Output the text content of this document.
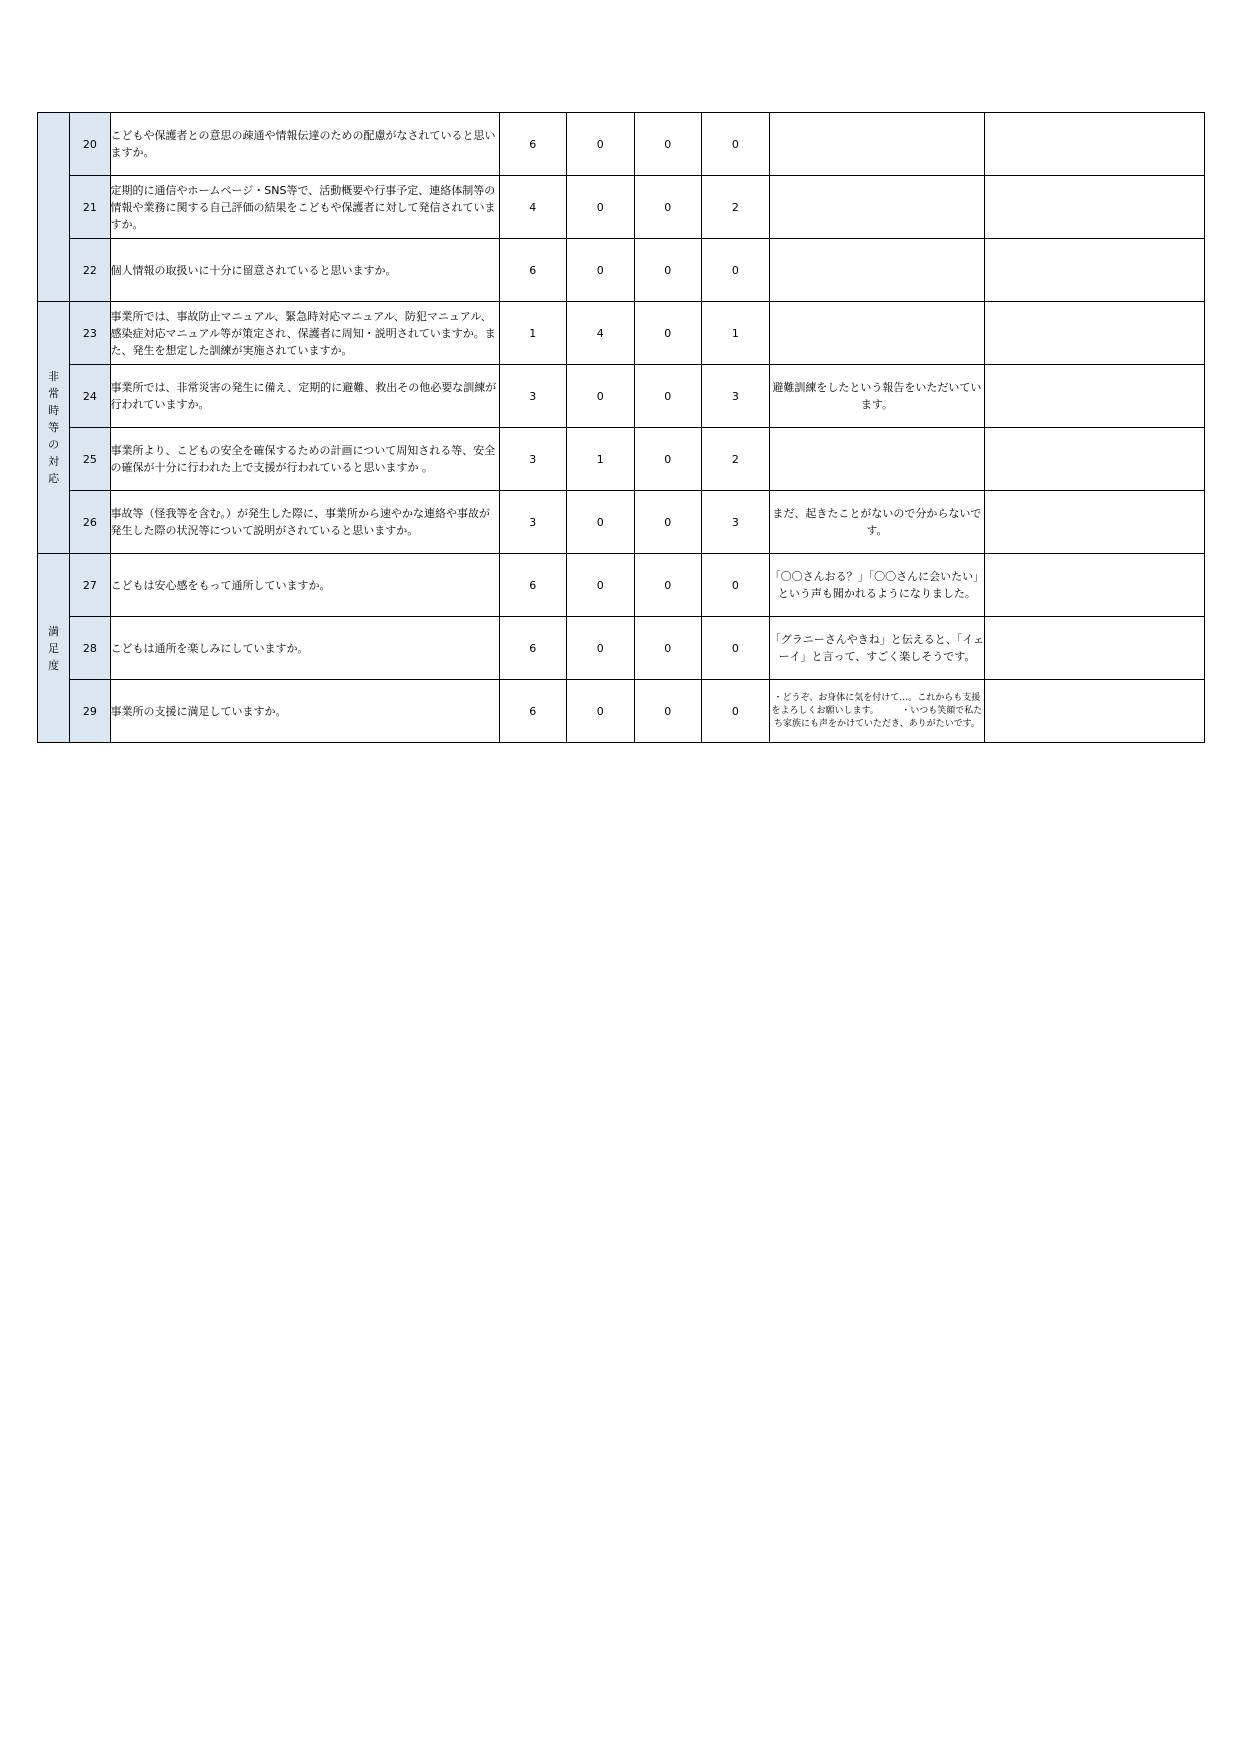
	20	こどもや保護者との意思の疎通や情報伝達のための配慮がなされていると思いますか。	6	0	0	0		
	21	定期的に通信やホームページ・SNS等で、活動概要や行事予定、連絡体制等の情報や業務に関する自己評価の結果をこどもや保護者に対して発信されていますか。	4	0	0	2		
	22	個人情報の取扱いに十分に留意されていると思いますか。	6	0	0	0		
非常時等の対応	23	事業所では、事故防止マニュアル、緊急時対応マニュアル、防犯マニュアル、感染症対応マニュアル等が策定され、保護者に周知・説明されていますか。また、発生を想定した訓練が実施されていますか。	1	4	0	1		
	24	事業所では、非常災害の発生に備え、定期的に避難、救出その他必要な訓練が行われていますか。	3	0	0	3	避難訓練をしたという報告をいただいています。	
	25	事業所より、こどもの安全を確保するための計画について周知される等、安全の確保が十分に行われた上で支援が行われていると思いますか 。	3	1	0	2		
	26	事故等（怪我等を含む。）が発生した際に、事業所から速やかな連絡や事故が発生した際の状況等について説明がされていると思いますか。	3	0	0	3	まだ、起きたことがないので分からないです。	
満足度	27	こどもは安心感をもって通所していますか。	6	0	0	0	「〇〇さんおる？」「〇〇さんに会いたい」という声も聞かれるようになりました。	
	28	こどもは通所を楽しみにしていますか。	6	0	0	0	「グラニーさんやきね」と伝えると、「イェーイ」と言って、すごく楽しそうです。	
	29	事業所の支援に満足していますか。	6	0	0	0	・どうぞ、お身体に気を付けて…。これからも支援をよろしくお願いします。　　　・いつも笑顔で私たち家族にも声をかけていただき、ありがたいです。	
